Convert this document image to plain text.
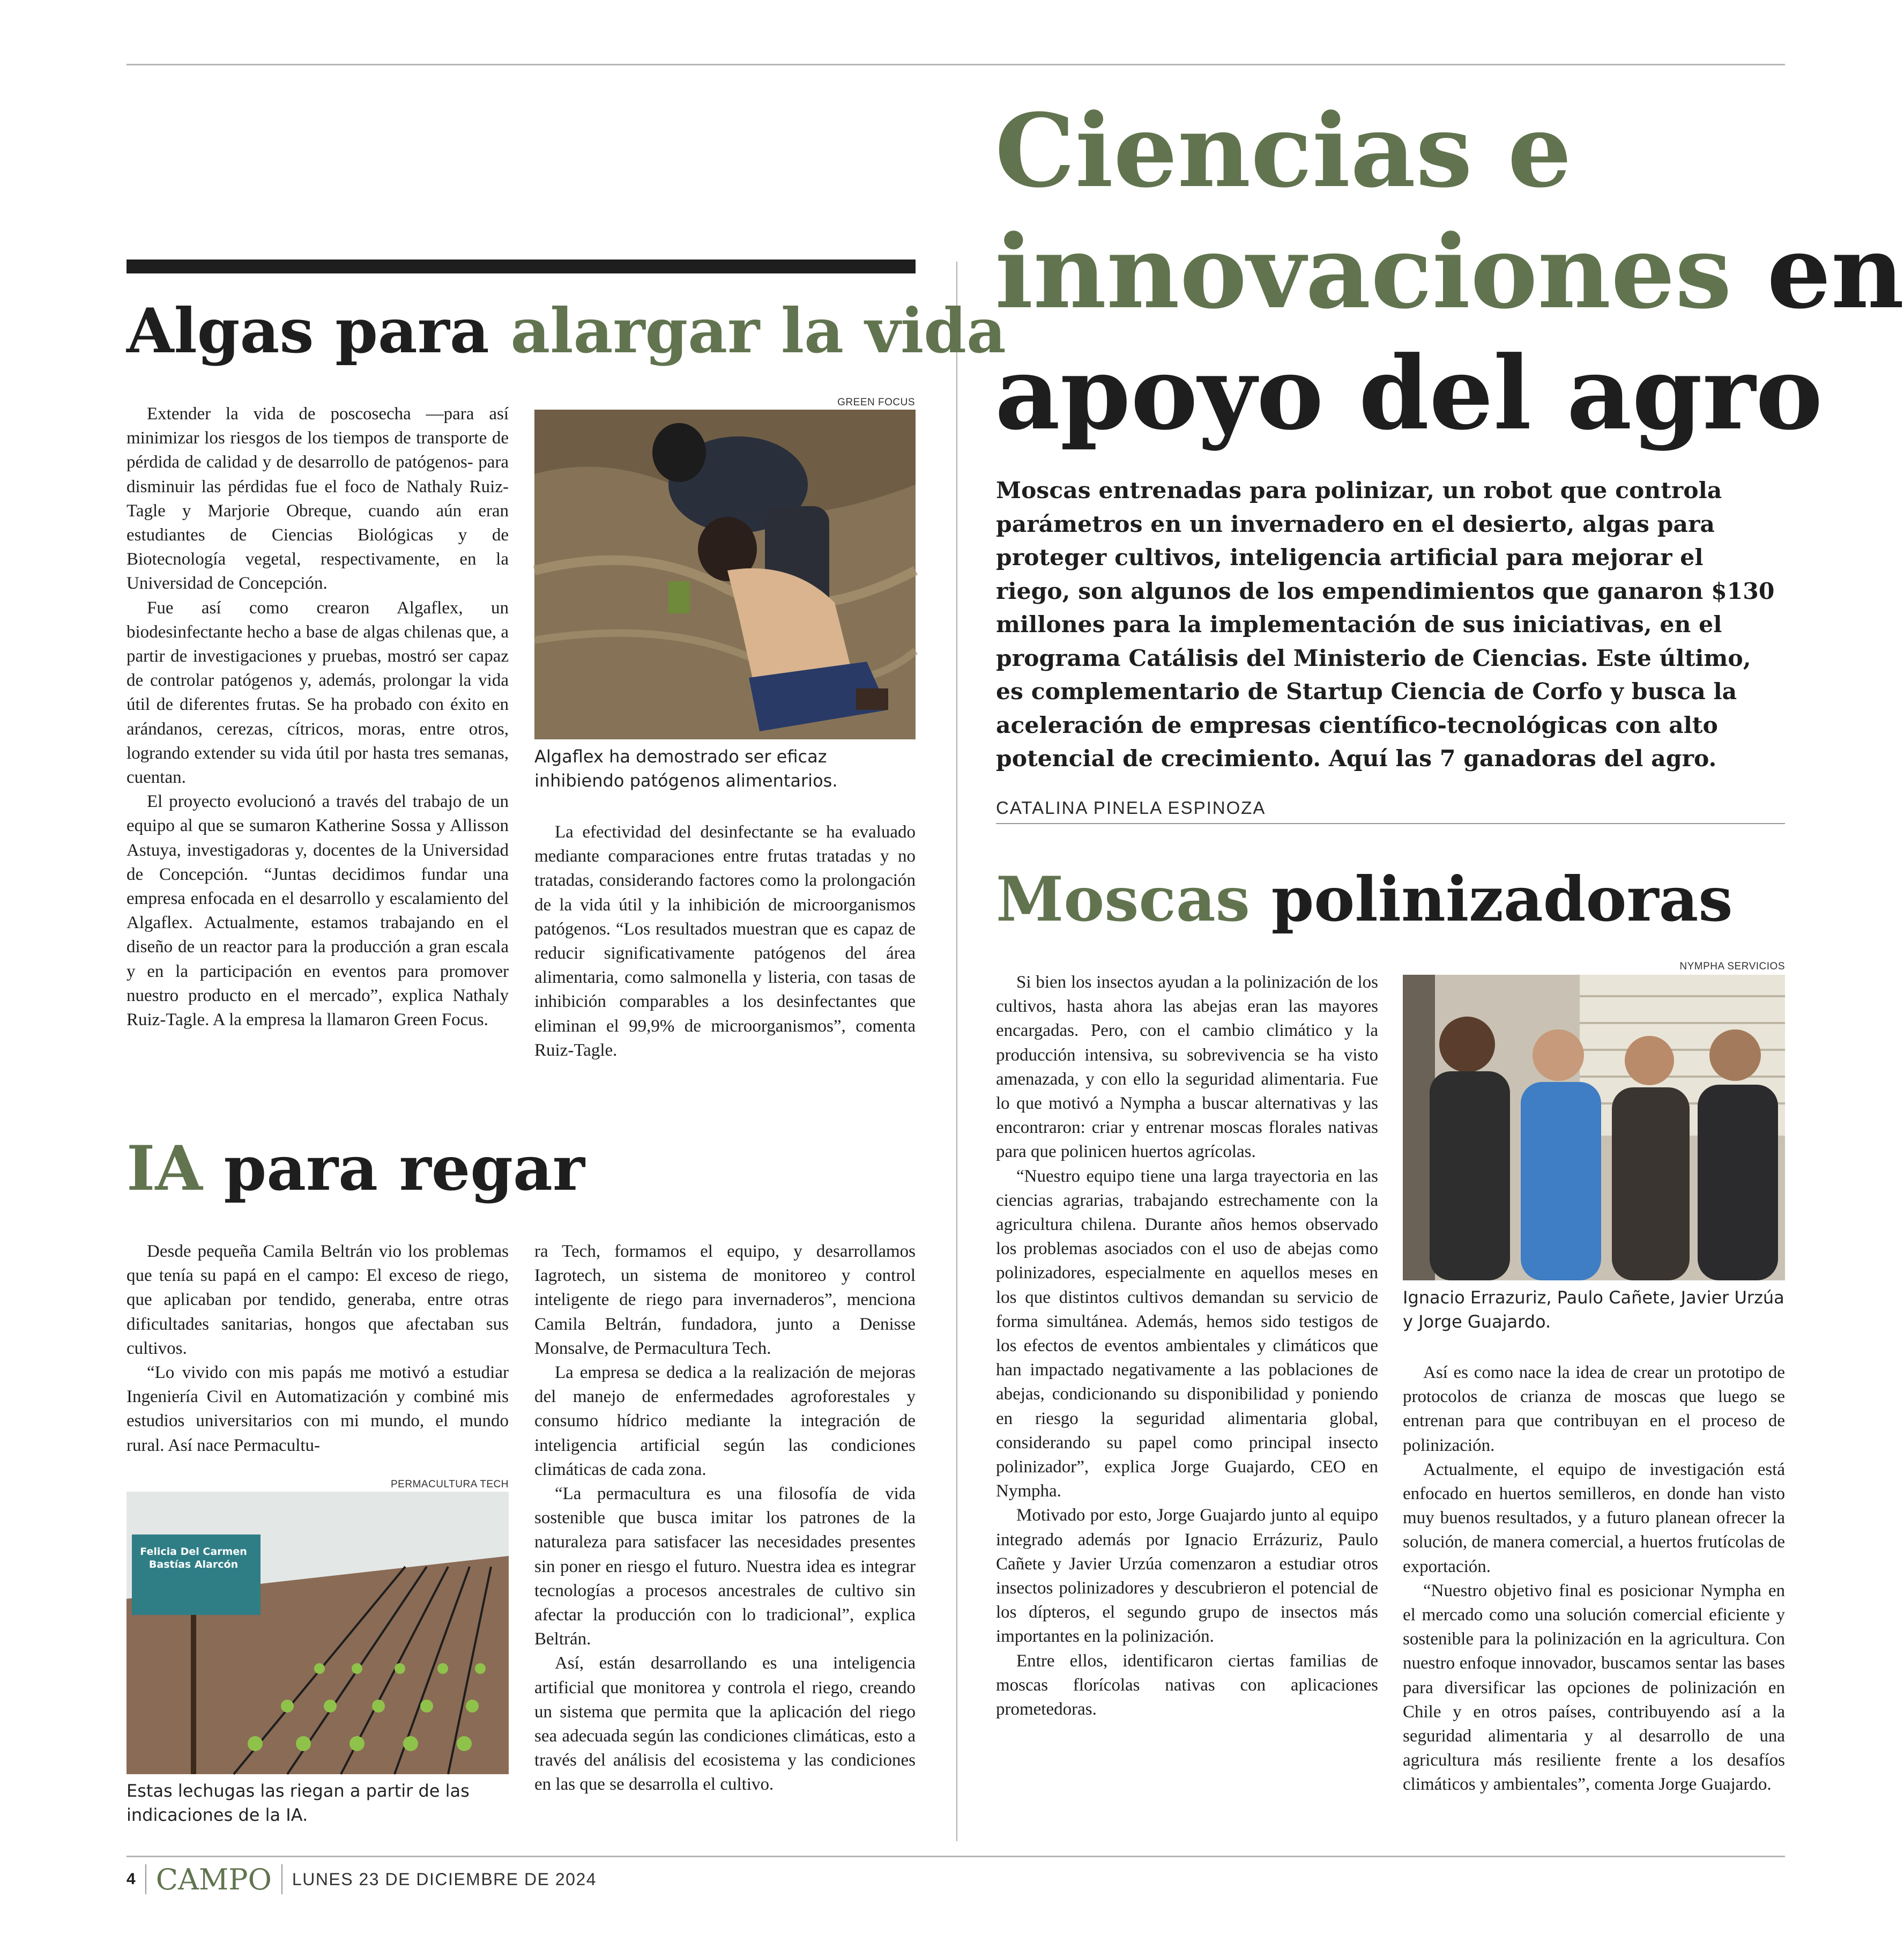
Ciencias e
innovaciones en
apoyo del agro
Moscas entrenadas para polinizar, un robot que controla parámetros en un invernadero en el desierto, algas para proteger cultivos, inteligencia artificial para mejorar el riego, son algunos de los empendimientos que ganaron $130 millones para la implementación de sus iniciativas, en el programa Catálisis del Ministerio de Ciencias. Este último, es complementario de Startup Ciencia de Corfo y busca la aceleración de empresas científico-tecnológicas con alto potencial de crecimiento. Aquí las 7 ganadoras del agro.
CATALINA PINELA ESPINOZA
Algas para alargar la vida

Extender la vida de poscosecha —para así minimizar los riesgos de los tiempos de transporte de pérdida de calidad y de desarrollo de patógenos- para disminuir las pérdidas fue el foco de Nathaly Ruiz-Tagle y Marjorie Obreque, cuando aún eran estudiantes de Ciencias Biológicas y de Biotecnología vegetal, respectivamente, en la Universidad de Concepción.

Fue así como crearon Algaflex, un biodesinfectante hecho a base de algas chilenas que, a partir de investigaciones y pruebas, mostró ser capaz de controlar patógenos y, además, prolongar la vida útil de diferentes frutas. Se ha probado con éxito en arándanos, cerezas, cítricos, moras, entre otros, logrando extender su vida útil por hasta tres semanas, cuentan.

El proyecto evolucionó a través del trabajo de un equipo al que se sumaron Katherine Sossa y Allisson Astuya, investigadoras y, docentes de la Universidad de Concepción. “Juntas decidimos fundar una empresa enfocada en el desarrollo y escalamiento del Algaflex. Actualmente, estamos trabajando en el diseño de un reactor para la producción a gran escala y en la participación en eventos para promover nuestro producto en el mercado”, explica Nathaly Ruiz-Tagle. A la empresa la llamaron Green Focus.

GREEN FOCUS
Algaflex ha demostrado ser eficaz inhibiendo patógenos alimentarios.

La efectividad del desinfectante se ha evaluado mediante comparaciones entre frutas tratadas y no tratadas, considerando factores como la prolongación de la vida útil y la inhibición de microorganismos patógenos. “Los resultados muestran que es capaz de reducir significativamente patógenos del área alimentaria, como salmonella y listeria, con tasas de inhibición comparables a los desinfectantes que eliminan el 99,9% de microorganismos”, comenta Ruiz-Tagle.

IA para regar

Desde pequeña Camila Beltrán vio los problemas que tenía su papá en el campo: El exceso de riego, que aplicaban por tendido, generaba, entre otras dificultades sanitarias, hongos que afectaban sus cultivos.

“Lo vivido con mis papás me motivó a estudiar Ingeniería Civil en Automatización y combiné mis estudios universitarios con mi mundo, el mundo rural. Así nace Permacultu-

PERMACULTURA TECH
Felicia Del Carmen
Bastías Alarcón
Estas lechugas las riegan a partir de las indicaciones de la IA.

ra Tech, formamos el equipo, y desarrollamos Iagrotech, un sistema de monitoreo y control inteligente de riego para invernaderos”, menciona Camila Beltrán, fundadora, junto a Denisse Monsalve, de Permacultura Tech.

La empresa se dedica a la realización de mejoras del manejo de enfermedades agroforestales y consumo hídrico mediante la integración de inteligencia artificial según las condiciones climáticas de cada zona.

“La permacultura es una filosofía de vida sostenible que busca imitar los patrones de la naturaleza para satisfacer las necesidades presentes sin poner en riesgo el futuro. Nuestra idea es integrar tecnologías a procesos ancestrales de cultivo sin afectar la producción con lo tradicional”, explica Beltrán.

Así, están desarrollando es una inteligencia artificial que monitorea y controla el riego, creando un sistema que permita que la aplicación del riego sea adecuada según las condiciones climáticas, esto a través del análisis del ecosistema y las condiciones en las que se desarrolla el cultivo.

Moscas polinizadoras

Si bien los insectos ayudan a la polinización de los cultivos, hasta ahora las abejas eran las mayores encargadas. Pero, con el cambio climático y la producción intensiva, su sobrevivencia se ha visto amenazada, y con ello la seguridad alimentaria. Fue lo que motivó a Nympha a buscar alternativas y las encontraron: criar y entrenar moscas florales nativas para que polinicen huertos agrícolas.

“Nuestro equipo tiene una larga trayectoria en las ciencias agrarias, trabajando estrechamente con la agricultura chilena. Durante años hemos observado los problemas asociados con el uso de abejas como polinizadores, especialmente en aquellos meses en los que distintos cultivos demandan su servicio de forma simultánea. Además, hemos sido testigos de los efectos de eventos ambientales y climáticos que han impactado negativamente a las poblaciones de abejas, condicionando su disponibilidad y poniendo en riesgo la seguridad alimentaria global, considerando su papel como principal insecto polinizador”, explica Jorge Guajardo, CEO en Nympha.

Motivado por esto, Jorge Guajardo junto al equipo integrado además por Ignacio Errázuriz, Paulo Cañete y Javier Urzúa comenzaron a estudiar otros insectos polinizadores y descubrieron el potencial de los dípteros, el segundo grupo de insectos más importantes en la polinización.

Entre ellos, identificaron ciertas familias de moscas florícolas nativas con aplicaciones prometedoras.

NYMPHA SERVICIOS
Ignacio Errazuriz, Paulo Cañete, Javier Urzúa y Jorge Guajardo.

Así es como nace la idea de crear un prototipo de protocolos de crianza de moscas que luego se entrenan para que contribuyan en el proceso de polinización.

Actualmente, el equipo de investigación está enfocado en huertos semilleros, en donde han visto muy buenos resultados, y a futuro planean ofrecer la solución, de manera comercial, a huertos frutícolas de exportación.

“Nuestro objetivo final es posicionar Nympha en el mercado como una solución comercial eficiente y sostenible para la polinización en la agricultura. Con nuestro enfoque innovador, buscamos sentar las bases para diversificar las opciones de polinización en Chile y en otros países, contribuyendo así a la seguridad alimentaria y al desarrollo de una agricultura más resiliente frente a los desafíos climáticos y ambientales”, comenta Jorge Guajardo.

4 CAMPO LUNES 23 DE DICIEMBRE DE 2024
